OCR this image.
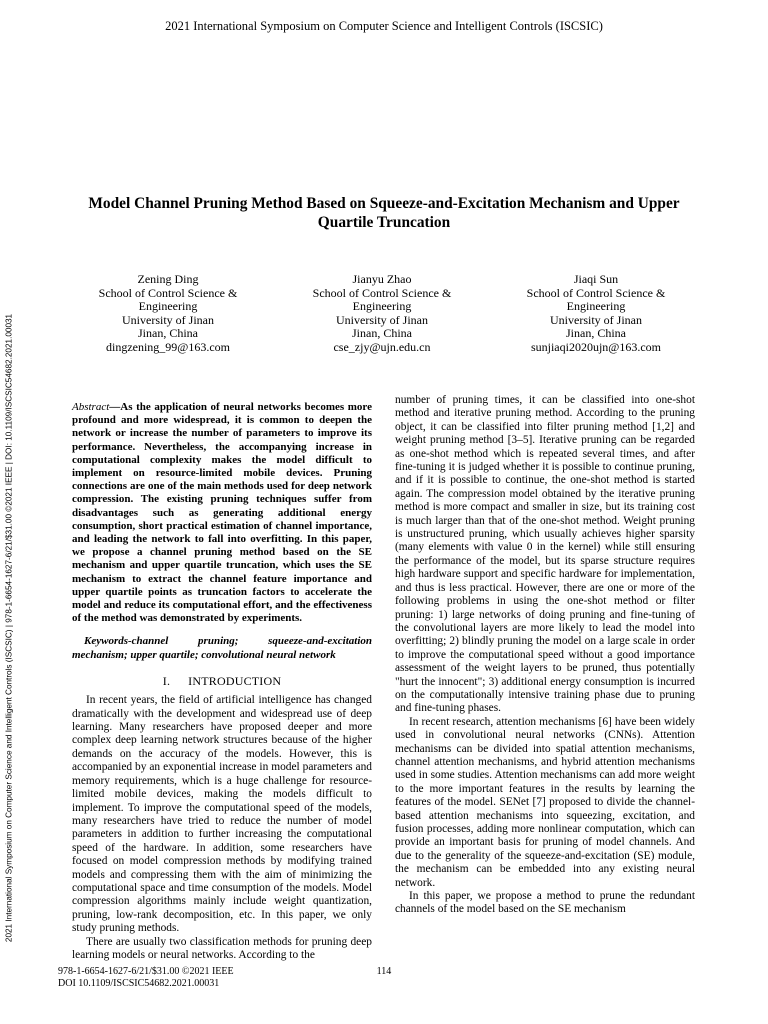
2021 International Symposium on Computer Science and Intelligent Controls (ISCSIC)
2021 International Symposium on Computer Science and Intelligent Controls (ISCSIC) | 978-1-6654-1627-6/21/$31.00 ©2021 IEEE | DOI: 10.1109/ISCSIC54682.2021.00031
Model Channel Pruning Method Based on Squeeze-and-Excitation Mechanism and Upper Quartile Truncation
Zening Ding
School of Control Science &
Engineering
University of Jinan
Jinan, China
dingzening_99@163.com
Jianyu Zhao
School of Control Science &
Engineering
University of Jinan
Jinan, China
cse_zjy@ujn.edu.cn
Jiaqi Sun
School of Control Science &
Engineering
University of Jinan
Jinan, China
sunjiaqi2020ujn@163.com

Abstract—As the application of neural networks becomes more profound and more widespread, it is common to deepen the network or increase the number of parameters to improve its performance. Nevertheless, the accompanying increase in computational complexity makes the model difficult to implement on resource-limited mobile devices. Pruning connections are one of the main methods used for deep network compression. The existing pruning techniques suffer from disadvantages such as generating additional energy consumption, short practical estimation of channel importance, and leading the network to fall into overfitting. In this paper, we propose a channel pruning method based on the SE mechanism and upper quartile truncation, which uses the SE mechanism to extract the channel feature importance and upper quartile points as truncation factors to accelerate the model and reduce its computational effort, and the effectiveness of the method was demonstrated by experiments.

Keywords-channel pruning; squeeze-and-excitation mechanism; upper quartile; convolutional neural network

I. INTRODUCTION

In recent years, the field of artificial intelligence has changed dramatically with the development and widespread use of deep learning. Many researchers have proposed deeper and more complex deep learning network structures because of the higher demands on the accuracy of the models. However, this is accompanied by an exponential increase in model parameters and memory requirements, which is a huge challenge for resource-limited mobile devices, making the models difficult to implement. To improve the computational speed of the models, many researchers have tried to reduce the number of model parameters in addition to further increasing the computational speed of the hardware. In addition, some researchers have focused on model compression methods by modifying trained models and compressing them with the aim of minimizing the computational space and time consumption of the models. Model compression algorithms mainly include weight quantization, pruning, low-rank decomposition, etc. In this paper, we only study pruning methods.

There are usually two classification methods for pruning deep learning models or neural networks. According to the

number of pruning times, it can be classified into one-shot method and iterative pruning method. According to the pruning object, it can be classified into filter pruning method [1,2] and weight pruning method [3–5]. Iterative pruning can be regarded as one-shot method which is repeated several times, and after fine-tuning it is judged whether it is possible to continue pruning, and if it is possible to continue, the one-shot method is started again. The compression model obtained by the iterative pruning method is more compact and smaller in size, but its training cost is much larger than that of the one-shot method. Weight pruning is unstructured pruning, which usually achieves higher sparsity (many elements with value 0 in the kernel) while still ensuring the performance of the model, but its sparse structure requires high hardware support and specific hardware for implementation, and thus is less practical. However, there are one or more of the following problems in using the one-shot method or filter pruning: 1) large networks of doing pruning and fine-tuning of the convolutional layers are more likely to lead the model into overfitting; 2) blindly pruning the model on a large scale in order to improve the computational speed without a good importance assessment of the weight layers to be pruned, thus potentially "hurt the innocent"; 3) additional energy consumption is incurred on the computationally intensive training phase due to pruning and fine-tuning phases.

In recent research, attention mechanisms [6] have been widely used in convolutional neural networks (CNNs). Attention mechanisms can be divided into spatial attention mechanisms, channel attention mechanisms, and hybrid attention mechanisms used in some studies. Attention mechanisms can add more weight to the more important features in the results by learning the features of the model. SENet [7] proposed to divide the channel-based attention mechanisms into squeezing, excitation, and fusion processes, adding more nonlinear computation, which can provide an important basis for pruning of model channels. And due to the generality of the squeeze-and-excitation (SE) module, the mechanism can be embedded into any existing neural network.

In this paper, we propose a method to prune the redundant channels of the model based on the SE mechanism

978-1-6654-1627-6/21/$31.00 ©2021 IEEE
DOI 10.1109/ISCSIC54682.2021.00031
114
